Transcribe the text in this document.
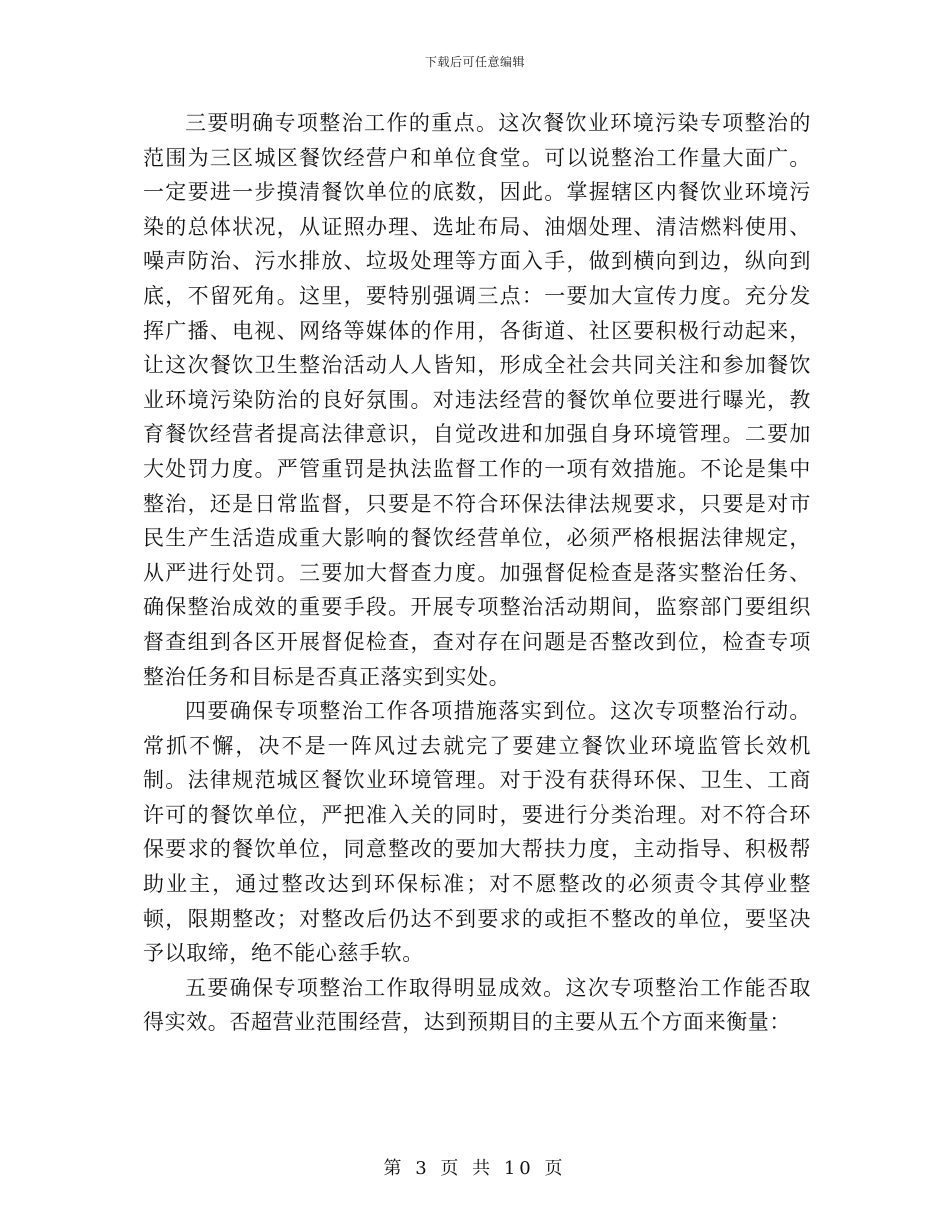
下载后可任意编辑

三要明确专项整治工作的重点。这次餐饮业环境污染专项整治的范围为三区城区餐饮经营户和单位食堂。可以说整治工作量大面广。一定要进一步摸清餐饮单位的底数，因此。掌握辖区内餐饮业环境污染的总体状况，从证照办理、选址布局、油烟处理、清洁燃料使用、噪声防治、污水排放、垃圾处理等方面入手，做到横向到边，纵向到底，不留死角。这里，要特别强调三点：一要加大宣传力度。充分发挥广播、电视、网络等媒体的作用，各街道、社区要积极行动起来，让这次餐饮卫生整治活动人人皆知，形成全社会共同关注和参加餐饮业环境污染防治的良好氛围。对违法经营的餐饮单位要进行曝光，教育餐饮经营者提高法律意识，自觉改进和加强自身环境管理。二要加大处罚力度。严管重罚是执法监督工作的一项有效措施。不论是集中整治，还是日常监督，只要是不符合环保法律法规要求，只要是对市民生产生活造成重大影响的餐饮经营单位，必须严格根据法律规定，从严进行处罚。三要加大督查力度。加强督促检查是落实整治任务、确保整治成效的重要手段。开展专项整治活动期间，监察部门要组织督查组到各区开展督促检查，查对存在问题是否整改到位，检查专项整治任务和目标是否真正落实到实处。

四要确保专项整治工作各项措施落实到位。这次专项整治行动。常抓不懈，决不是一阵风过去就完了要建立餐饮业环境监管长效机制。法律规范城区餐饮业环境管理。对于没有获得环保、卫生、工商许可的餐饮单位，严把准入关的同时，要进行分类治理。对不符合环保要求的餐饮单位，同意整改的要加大帮扶力度，主动指导、积极帮助业主，通过整改达到环保标准；对不愿整改的必须责令其停业整顿，限期整改；对整改后仍达不到要求的或拒不整改的单位，要坚决予以取缔，绝不能心慈手软。

五要确保专项整治工作取得明显成效。这次专项整治工作能否取得实效。否超营业范围经营，达到预期目的主要从五个方面来衡量：

第 3 页 共 10 页
